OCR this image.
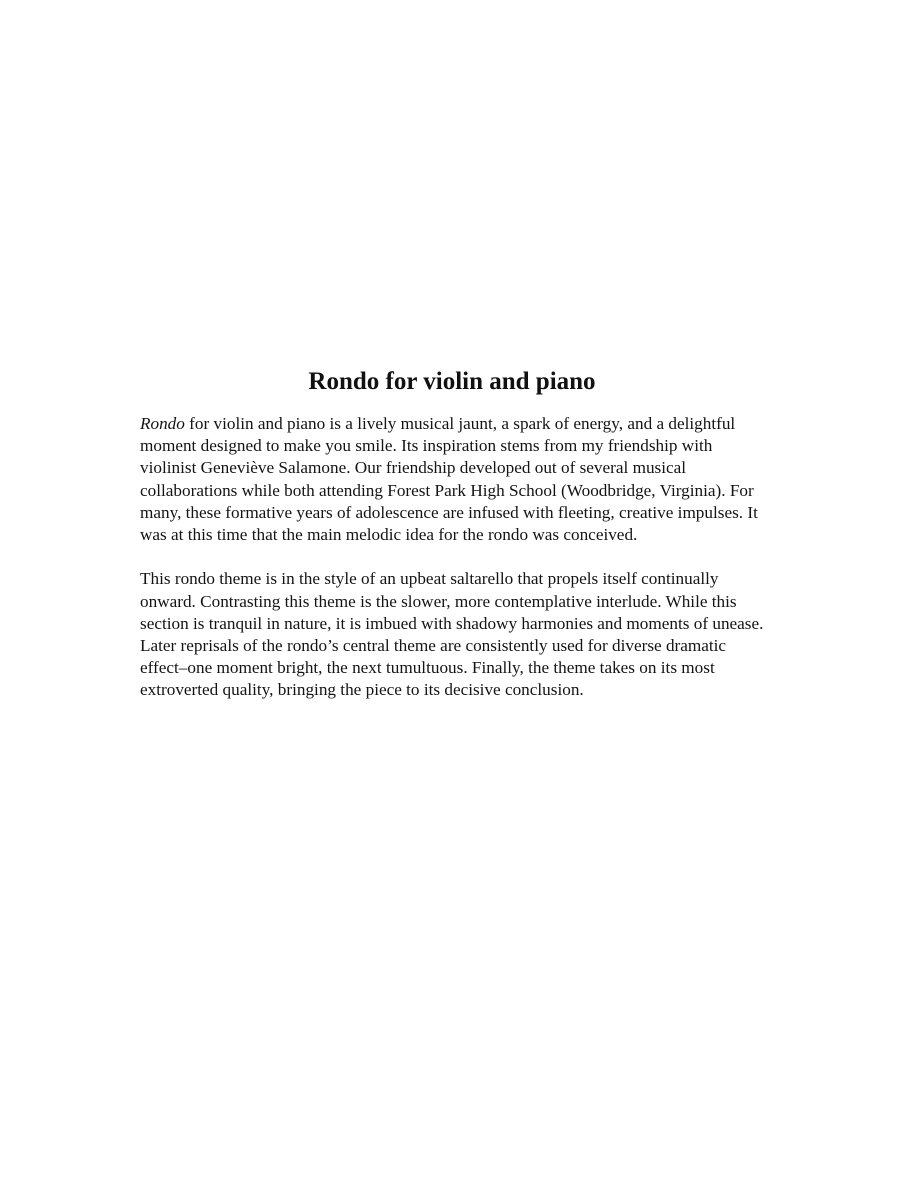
Rondo for violin and piano

Rondo for violin and piano is a lively musical jaunt, a spark of energy, and a delightful moment designed to make you smile. Its inspiration stems from my friendship with violinist Geneviève Salamone. Our friendship developed out of several musical collaborations while both attending Forest Park High School (Woodbridge, Virginia). For many, these formative years of adolescence are infused with fleeting, creative impulses. It was at this time that the main melodic idea for the rondo was conceived.

This rondo theme is in the style of an upbeat saltarello that propels itself continually onward. Contrasting this theme is the slower, more contemplative interlude. While this section is tranquil in nature, it is imbued with shadowy harmonies and moments of unease. Later reprisals of the rondo’s central theme are consistently used for diverse dramatic effect–one moment bright, the next tumultuous. Finally, the theme takes on its most extroverted quality, bringing the piece to its decisive conclusion.
